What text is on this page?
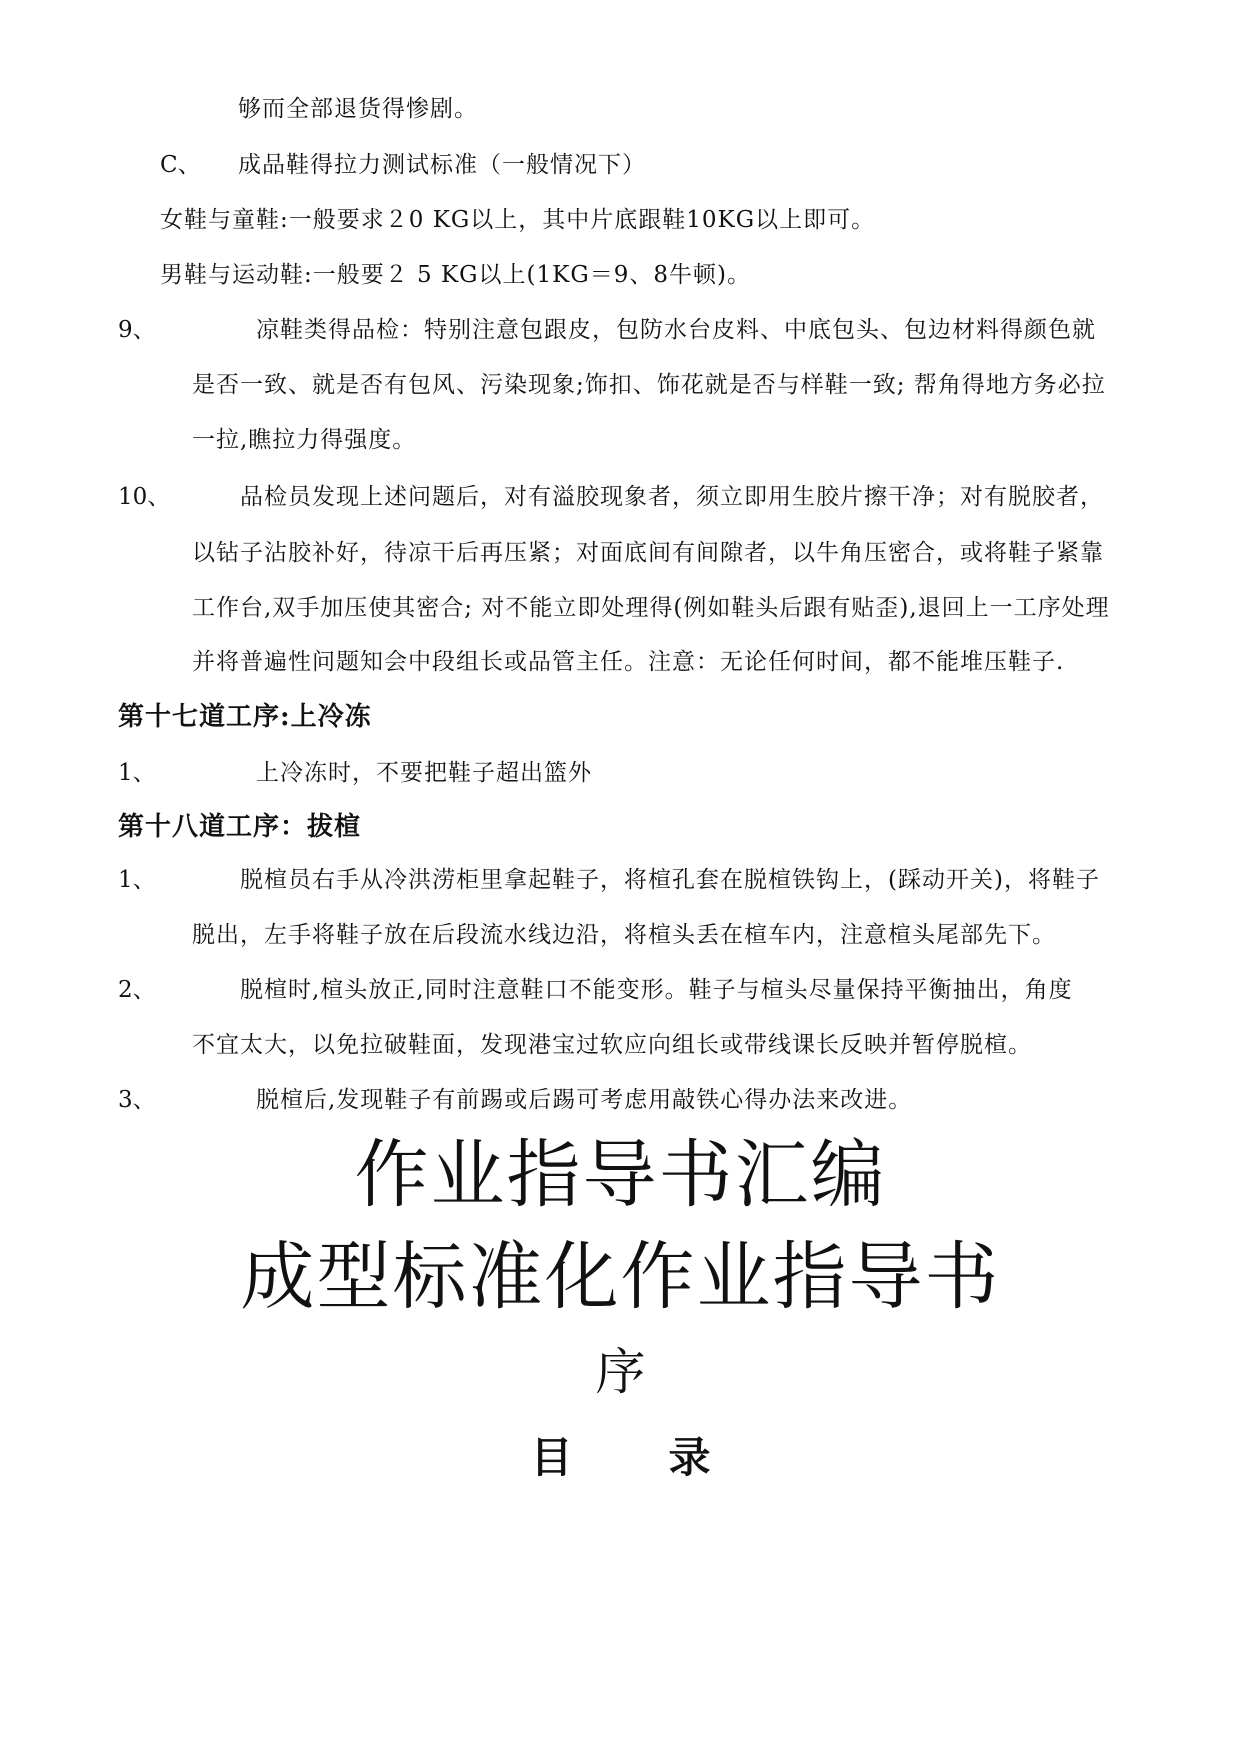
够而全部退货得惨剧。
C、 成品鞋得拉力测试标准（一般情况下）
女鞋与童鞋:一般要求２0 KG以上，其中片底跟鞋10KG以上即可。
男鞋与运动鞋:一般要２ 5 KG以上(1KG＝9、8牛顿)。
9、	凉鞋类得品检：特别注意包跟皮，包防水台皮料、中底包头、包边材料得颜色就
是否一致、就是否有包风、污染现象;饰扣、饰花就是否与样鞋一致; 帮角得地方务必拉
一拉,瞧拉力得强度。
10、	品检员发现上述问题后，对有溢胶现象者，须立即用生胶片擦干净；对有脱胶者，
以钻子沾胶补好，待凉干后再压紧；对面底间有间隙者，以牛角压密合，或将鞋子紧靠
工作台,双手加压使其密合; 对不能立即处理得(例如鞋头后跟有贴歪),退回上一工序处理
并将普遍性问题知会中段组长或品管主任。注意：无论任何时间，都不能堆压鞋子.
第十七道工序:上冷冻
1、	上冷冻时，不要把鞋子超出篮外
第十八道工序：拔楦
1、	脱楦员右手从冷洪涝柜里拿起鞋子，将楦孔套在脱楦铁钩上，(踩动开关)，将鞋子
脱出，左手将鞋子放在后段流水线边沿，将楦头丢在楦车内，注意楦头尾部先下。
2、	脱楦时,楦头放正,同时注意鞋口不能变形。鞋子与楦头尽量保持平衡抽出，角度
不宜太大，以免拉破鞋面，发现港宝过软应向组长或带线课长反映并暂停脱楦。
3、	脱楦后,发现鞋子有前踢或后踢可考虑用敲铁心得办法来改进。
作业指导书汇编
成型标准化作业指导书
序
目 录
